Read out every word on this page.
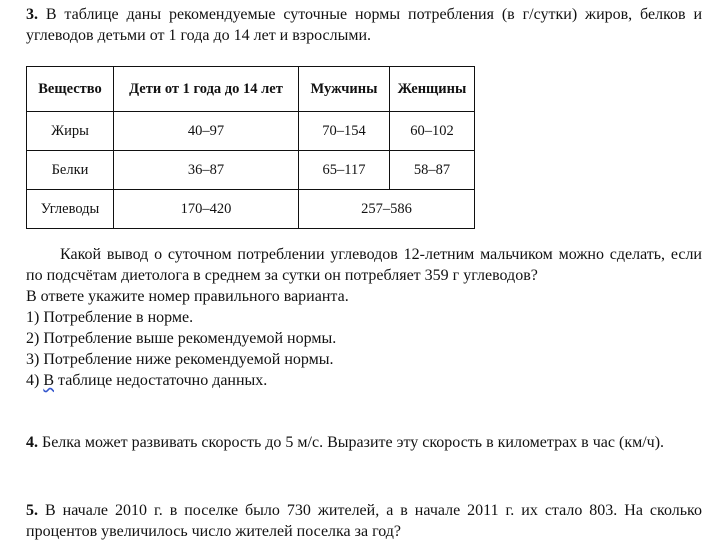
3. В таблице даны рекомендуемые суточные нормы потребления (в г/сутки) жиров, белков и углеводов детьми от 1 года до 14 лет и взрослыми.
Вещество	Дети от 1 года до 14 лет	Мужчины	Женщины
Жиры	40–97	70–154	60–102
Белки	36–87	65–117	58–87
Углеводы	170–420	257–586	
Какой вывод о суточном потреблении углеводов 12-летним мальчиком можно сделать, если по подсчётам диетолога в среднем за сутки он потребляет 359 г углеводов?

В ответе укажите номер правильного варианта.

1) Потребление в норме.

2) Потребление выше рекомендуемой нормы.

3) Потребление ниже рекомендуемой нормы.

4) В таблице недостаточно данных.

4. Белка может развивать скорость до 5 м/с. Выразите эту скорость в километрах в час (км/ч).
5. В начале 2010 г. в поселке было 730 жителей, а в начале 2011 г. их стало 803. На сколько процентов увеличилось число жителей поселка за год?
